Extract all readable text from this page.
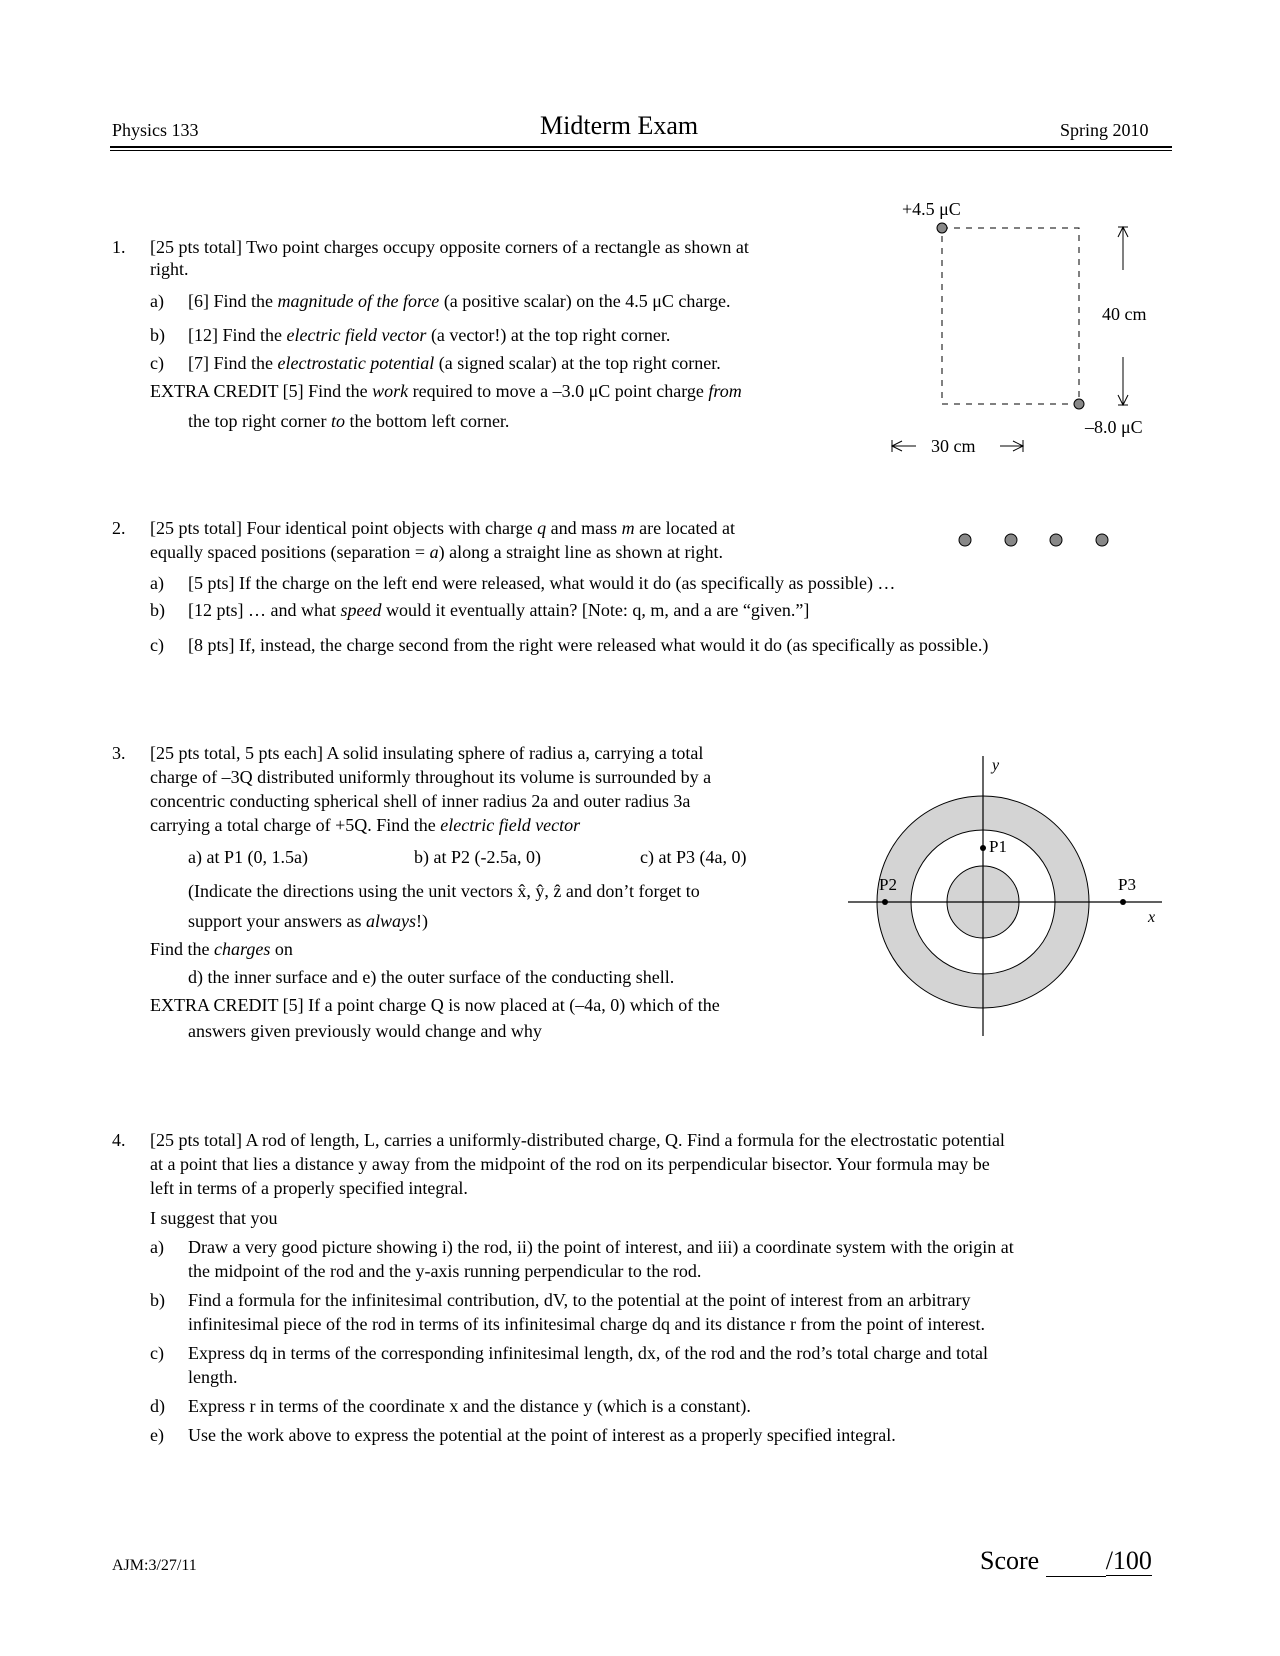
Physics 133	Midterm Exam	Spring 2010
1. [25 pts total] Two point charges occupy opposite corners of a rectangle as shown at
right.
a) [6] Find the magnitude of the force (a positive scalar) on the 4.5 μC charge.
b) [12] Find the electric field vector (a vector!) at the top right corner.
c) [7] Find the electrostatic potential (a signed scalar) at the top right corner.
EXTRA CREDIT [5] Find the work required to move a –3.0 μC point charge from
the top right corner to the bottom left corner.
+4.5 μC
40 cm
–8.0 μC
30 cm
2. [25 pts total] Four identical point objects with charge q and mass m are located at
equally spaced positions (separation = a) along a straight line as shown at right.
a) [5 pts] If the charge on the left end were released, what would it do (as specifically as possible) …
b) [12 pts] … and what speed would it eventually attain? [Note: q, m, and a are “given.”]
c) [8 pts] If, instead, the charge second from the right were released what would it do (as specifically as possible.)
3. [25 pts total, 5 pts each] A solid insulating sphere of radius a, carrying a total
charge of –3Q distributed uniformly throughout its volume is surrounded by a
concentric conducting spherical shell of inner radius 2a and outer radius 3a
carrying a total charge of +5Q. Find the electric field vector
a) at P1 (0, 1.5a)	b) at P2 (-2.5a, 0)	c) at P3 (4a, 0)
(Indicate the directions using the unit vectors x̂, ŷ, ẑ and don’t forget to
support your answers as always!)
Find the charges on
d) the inner surface and e) the outer surface of the conducting shell.
EXTRA CREDIT [5] If a point charge Q is now placed at (–4a, 0) which of the
answers given previously would change and why
y
x
P1
P2	P3
4. [25 pts total] A rod of length, L, carries a uniformly-distributed charge, Q. Find a formula for the electrostatic potential
at a point that lies a distance y away from the midpoint of the rod on its perpendicular bisector. Your formula may be
left in terms of a properly specified integral.
I suggest that you
a) Draw a very good picture showing i) the rod, ii) the point of interest, and iii) a coordinate system with the origin at
the midpoint of the rod and the y-axis running perpendicular to the rod.
b) Find a formula for the infinitesimal contribution, dV, to the potential at the point of interest from an arbitrary
infinitesimal piece of the rod in terms of its infinitesimal charge dq and its distance r from the point of interest.
c) Express dq in terms of the corresponding infinitesimal length, dx, of the rod and the rod’s total charge and total
length.
d) Express r in terms of the coordinate x and the distance y (which is a constant).
e) Use the work above to express the potential at the point of interest as a properly specified integral.
AJM:3/27/11	Score	/100
